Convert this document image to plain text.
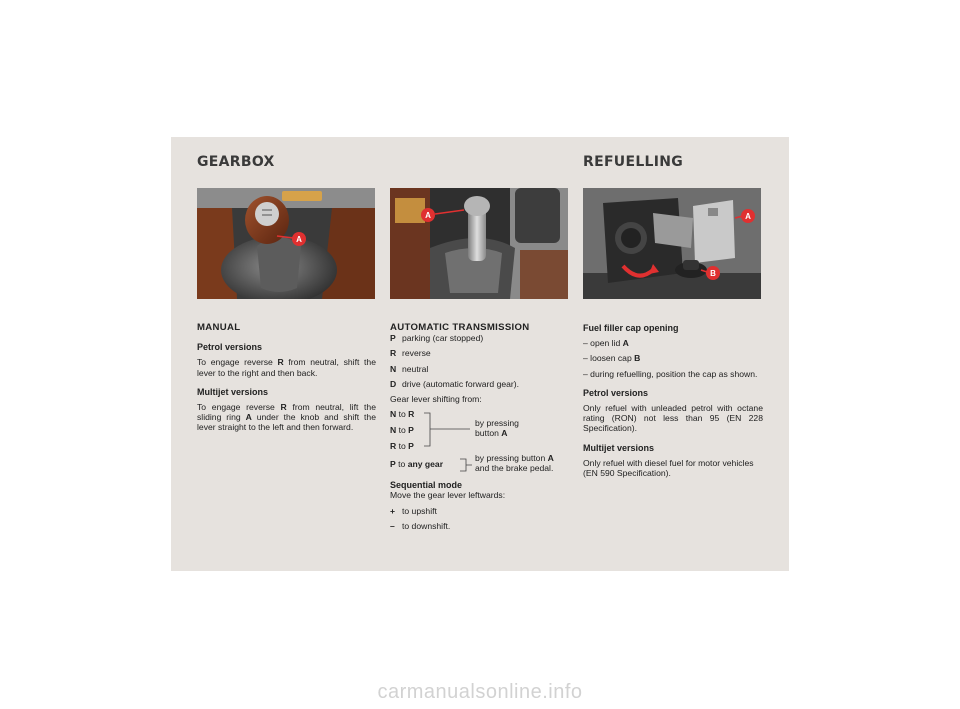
GEARBOX	REFUELLING
A
A	A
B

MANUAL

Petrol versions

To engage reverse R from neutral, shift the lever to the right and then back.

Multijet versions

To engage reverse R from neutral, lift the sliding ring A under the knob and shift the lever straight to the left and then forward.

AUTOMATIC TRANSMISSION

P parking (car stopped)
R reverse
N neutral
D drive (automatic forward gear).

Gear lever shifting from:

N to R
N to P
R to P
P to any gear
by pressing
button A
by pressing button A
and the brake pedal.

Sequential mode

Move the gear lever leftwards:

+ to upshift
– to downshift.

Fuel filler cap opening

– open lid A

– loosen cap B

– during refuelling, position the cap as shown.

Petrol versions

Only refuel with unleaded petrol with octane rating (RON) not less than 95 (EN 228 Specification).

Multijet versions

Only refuel with diesel fuel for motor vehicles (EN 590 Specification).

carmanualsonline.info
